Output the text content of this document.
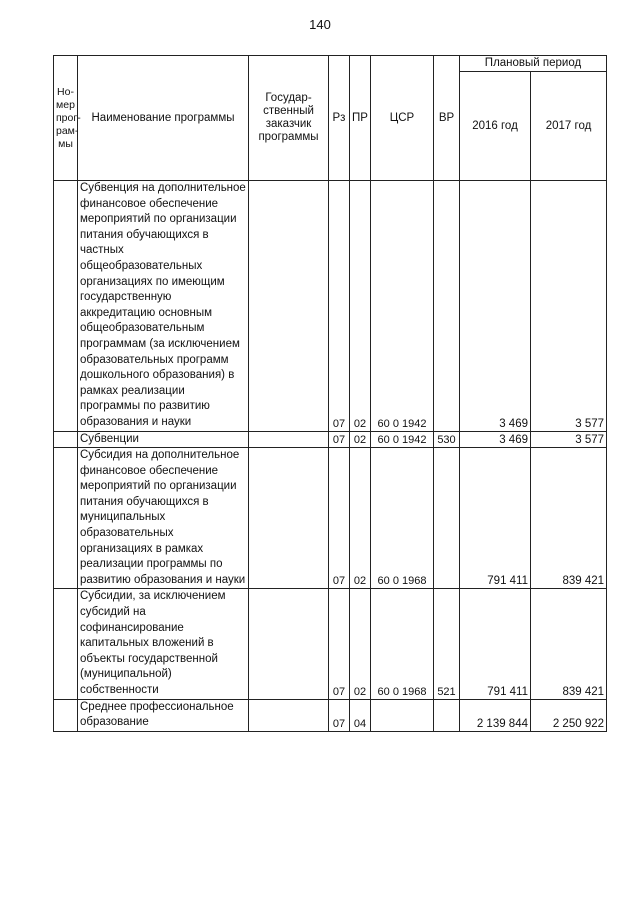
140
Но-
мер
прог-
рам-
мы	Наименование программы	Государ-
ственный
заказчик
программы	Рз	ПР	ЦСР	ВР	Плановый период	
							2016 год	2017 год
	Субвенция на дополнительное финансовое обеспечение мероприятий по организации питания обучающихся в частных общеобразовательных организациях по имеющим государственную аккредитацию основным общеобразовательным программам (за исключением образовательных программ дошкольного образования) в рамках реализации программы по развитию образования и науки		07	02	60 0 1942		3 469	3 577
	Субвенции		07	02	60 0 1942	530	3 469	3 577
	Субсидия на дополнительное финансовое обеспечение мероприятий по организации питания обучающихся в муниципальных образовательных организациях в рамках реализации программы по развитию образования и науки		07	02	60 0 1968		791 411	839 421
	Субсидии, за исключением субсидий на софинансирование капитальных вложений в объекты государственной (муниципальной) собственности		07	02	60 0 1968	521	791 411	839 421
	Среднее профессиональное образование		07	04			2 139 844	2 250 922
